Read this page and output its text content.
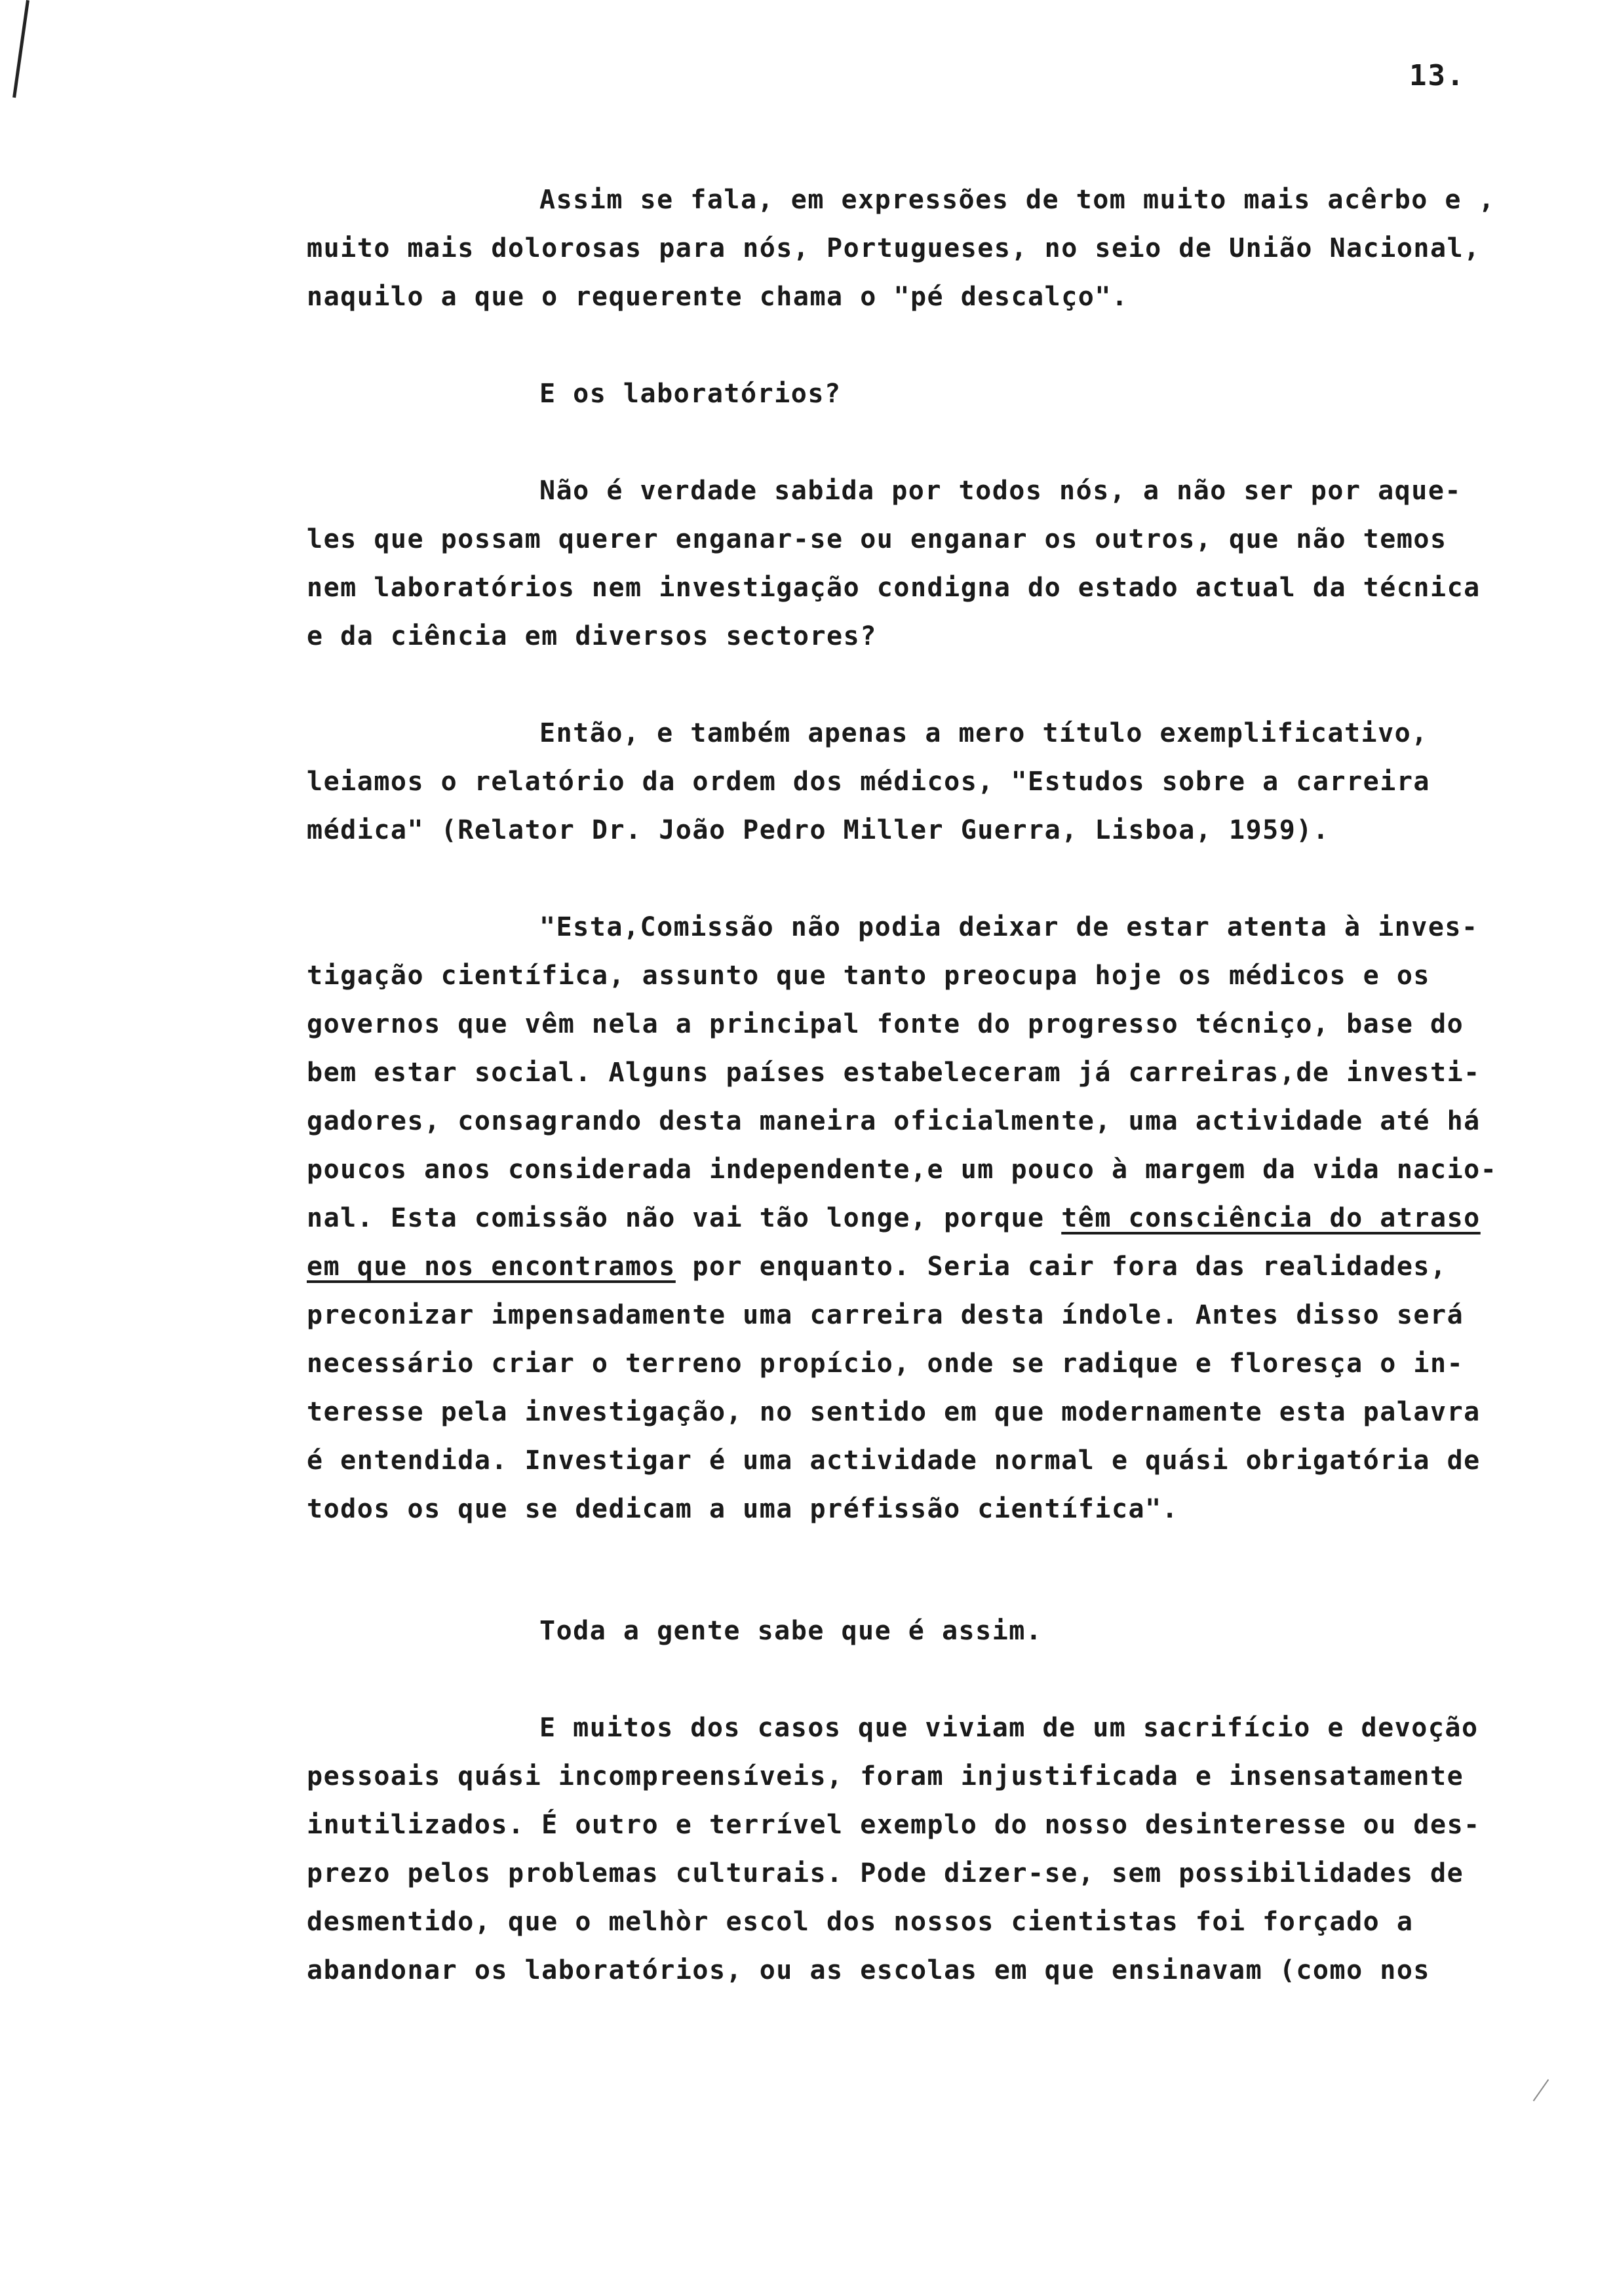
13.
Assim se fala, em expressões de tom muito mais acêrbo e ,
muito mais dolorosas para nós, Portugueses, no seio de União Nacional,
naquilo a que o requerente chama o "pé descalço".
E os laboratórios?
Não é verdade sabida por todos nós, a não ser por aque-
les que possam querer enganar-se ou enganar os outros, que não temos
nem laboratórios nem investigação condigna do estado actual da técnica
e da ciência em diversos sectores?
Então, e também apenas a mero título exemplificativo,
leiamos o relatório da ordem dos médicos, "Estudos sobre a carreira
médica" (Relator Dr. João Pedro Miller Guerra, Lisboa, 1959).
"Esta,Comissão não podia deixar de estar atenta à inves-
tigação científica, assunto que tanto preocupa hoje os médicos e os
governos que vêm nela a principal fonte do progresso técniço, base do
bem estar social. Alguns países estabeleceram já carreiras,de investi-
gadores, consagrando desta maneira oficialmente, uma actividade até há
poucos anos considerada independente,e um pouco à margem da vida nacio-
nal. Esta comissão não vai tão longe, porque têm consciência do atraso
em que nos encontramos por enquanto. Seria cair fora das realidades,
preconizar impensadamente uma carreira desta índole. Antes disso será
necessário criar o terreno propício, onde se radique e floresça o in-
teresse pela investigação, no sentido em que modernamente esta palavra
é entendida. Investigar é uma actividade normal e quási obrigatória de
todos os que se dedicam a uma préfissão científica".
Toda a gente sabe que é assim.
E muitos dos casos que viviam de um sacrifício e devoção
pessoais quási incompreensíveis, foram injustificada e insensatamente
inutilizados. É outro e terrível exemplo do nosso desinteresse ou des-
prezo pelos problemas culturais. Pode dizer-se, sem possibilidades de
desmentido, que o melhòr escol dos nossos cientistas foi forçado a
abandonar os laboratórios, ou as escolas em que ensinavam (como nos
